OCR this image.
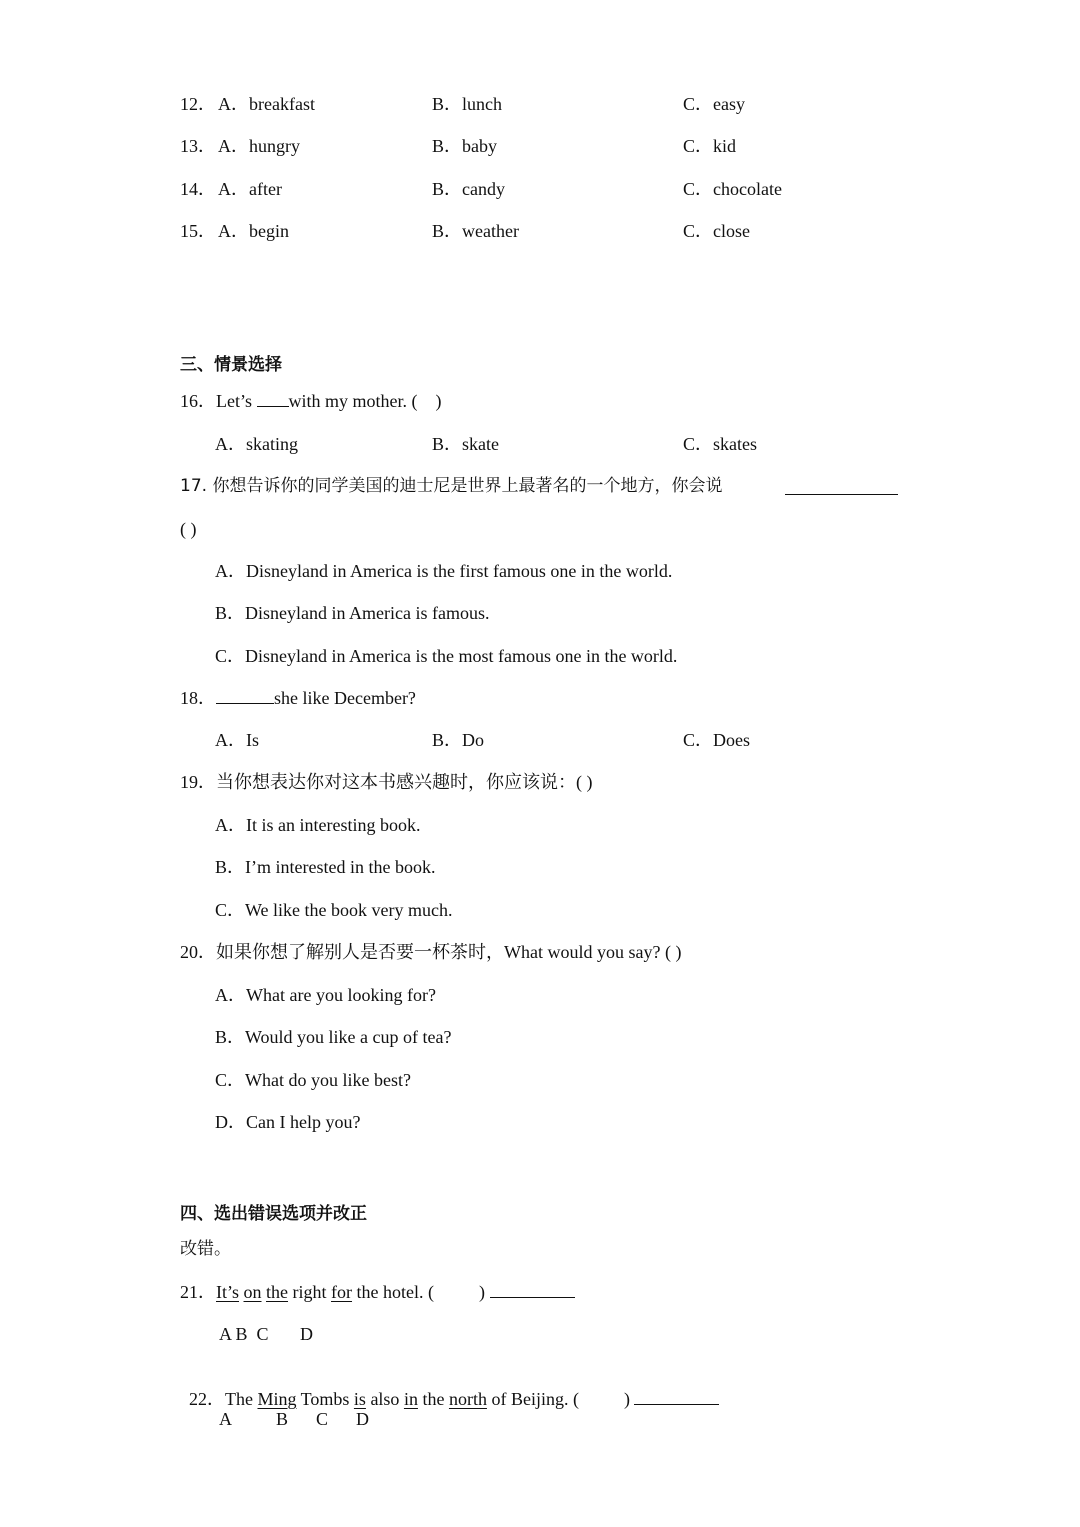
12． A．breakfast	B．lunch	C．easy
13． A．hungry	B．baby	C．kid
14． A．after	B．candy	C．chocolate
15． A．begin	B．weather	C．close
三、情景选择
16．Let’s with my mother. ( )
A．skating	B．skate	C．skates
17. 你想告诉你的同学美国的迪士尼是世界上最著名的一个地方，你会说
( )
A．Disneyland in America is the first famous one in the world.
B．Disneyland in America is famous.
C．Disneyland in America is the most famous one in the world.
18．	she like December?
A．Is	B．Do	C．Does
19．当你想表达你对这本书感兴趣时，你应该说：( )
A．It is an interesting book.
B．I’m interested in the book.
C．We like the book very much.
20．如果你想了解别人是否要一杯茶时，What would you say? ( )
A．What are you looking for?
B．Would you like a cup of tea?
C．What do you like best?
D．Can I help you?
四、选出错误选项并改正
改错。
21．It’s on the right for the hotel. (	)
A B  C       D

22．The Ming Tombs is also in the north of Beijing. (	)

A B C D
